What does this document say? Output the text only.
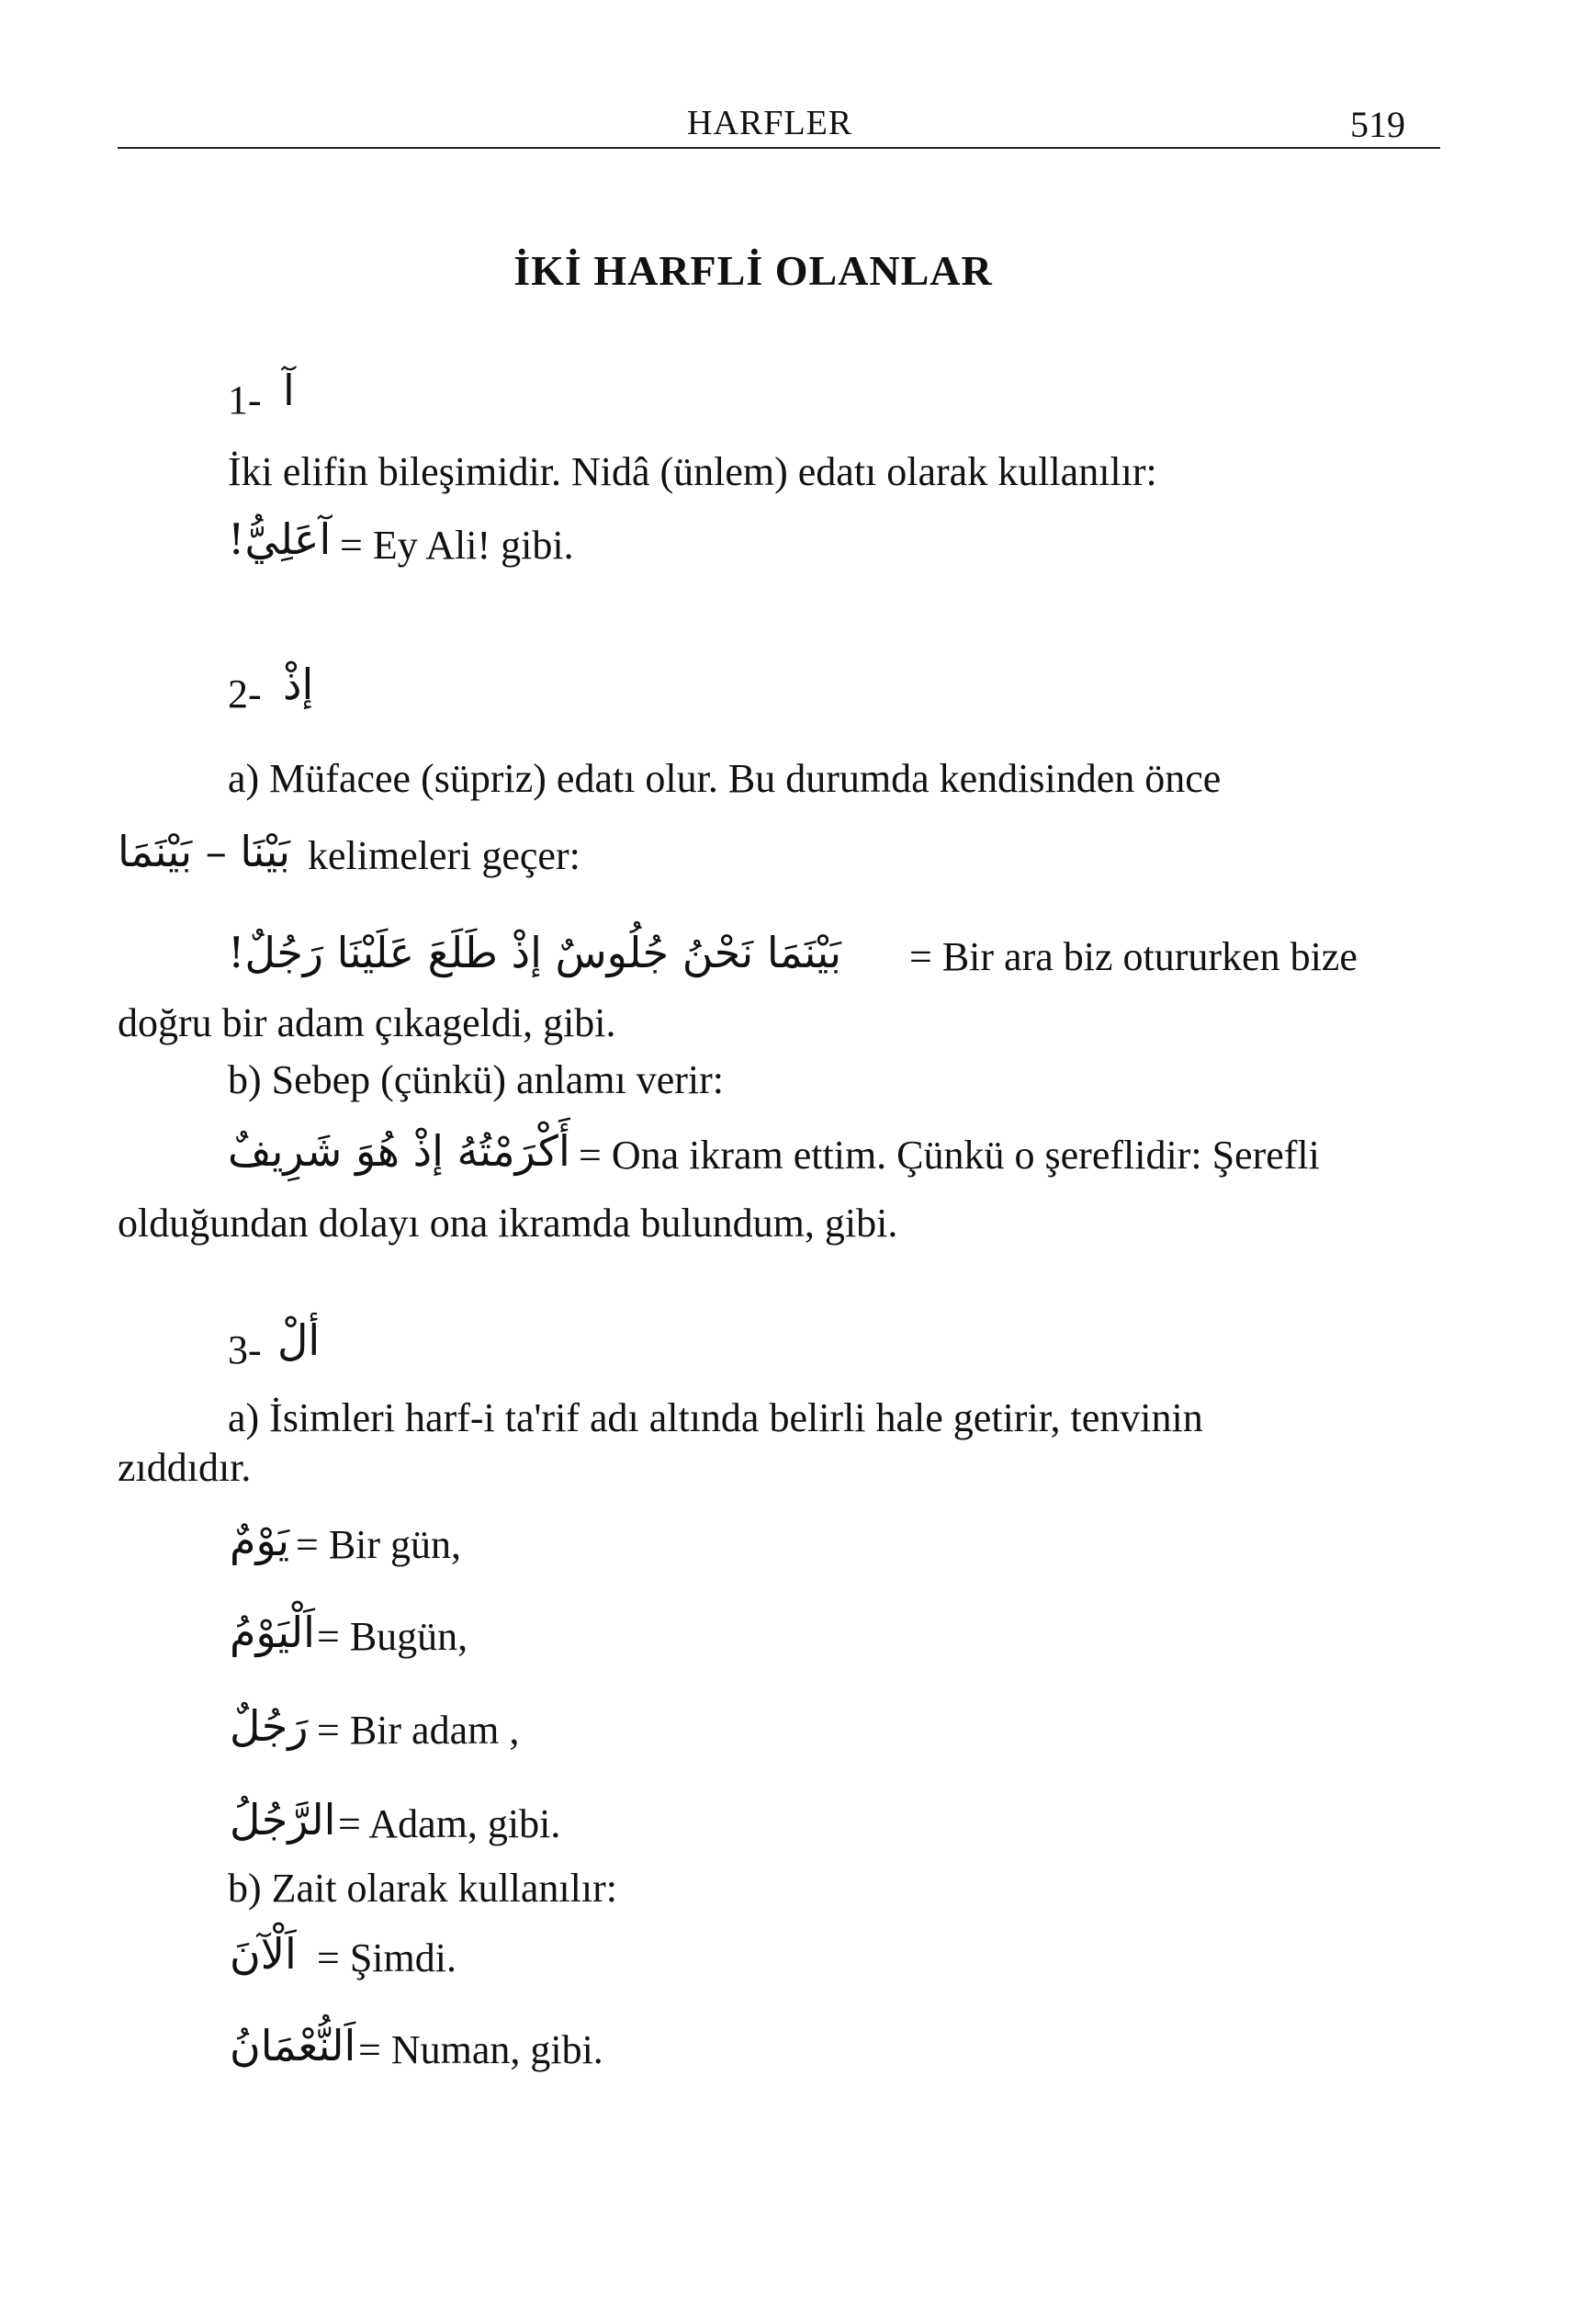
HARFLER	519
İKİ HARFLİ OLANLAR
1- آ
İki elifin bileşimidir. Nidâ (ünlem) edatı olarak kullanılır:
آعَلِيُّ! = Ey Ali! gibi.
2- إذْ
a) Müfacee (süpriz) edatı olur. Bu durumda kendisinden önce
بَيْنَا – بَيْنَمَا kelimeleri geçer:
بَيْنَمَا نَحْنُ جُلُوسٌ إذْ طَلَعَ عَلَيْنَا رَجُلٌ! = Bir ara biz otururken bize
doğru bir adam çıkageldi, gibi.
b) Sebep (çünkü) anlamı verir:
أَكْرَمْتُهُ إذْ هُوَ شَرِيفٌ = Ona ikram ettim. Çünkü o şereflidir: Şerefli
olduğundan dolayı ona ikramda bulundum, gibi.
3- ألْ
a) İsimleri harf-i ta'rif adı altında belirli hale getirir, tenvinin
zıddıdır.
يَوْمٌ = Bir gün,
اَلْيَوْمُ = Bugün,
رَجُلٌ = Bir adam ,
الرَّجُلُ = Adam, gibi.
b) Zait olarak kullanılır:
اَلْآنَ = Şimdi.
اَلنُّعْمَانُ = Numan, gibi.
